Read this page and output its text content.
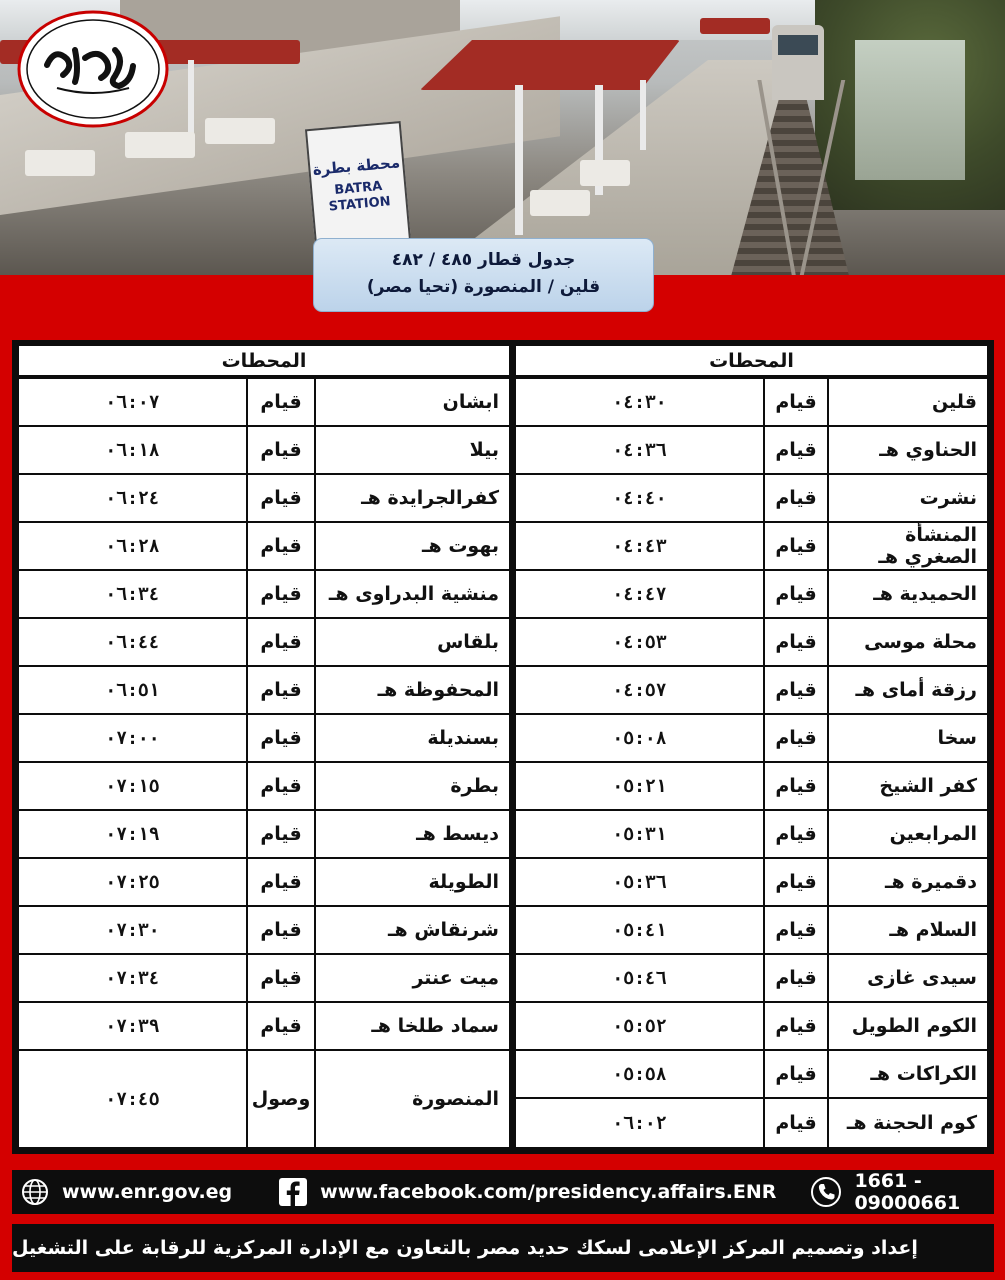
محطة بطرة
BATRA STATION
جدول قطار ٤٨٥ / ٤٨٢
قلين / المنصورة (تحيا مصر)
المحطات
قلين
قيام
٠٤:٣٠
الحناوي هـ
قيام
٠٤:٣٦
نشرت
قيام
٠٤:٤٠
المنشأة الصغري هـ
قيام
٠٤:٤٣
الحميدية هـ
قيام
٠٤:٤٧
محلة موسى
قيام
٠٤:٥٣
رزقة أماى هـ
قيام
٠٤:٥٧
سخا
قيام
٠٥:٠٨
كفر الشيخ
قيام
٠٥:٢١
المرابعين
قيام
٠٥:٣١
دقميرة هـ
قيام
٠٥:٣٦
السلام هـ
قيام
٠٥:٤١
سيدى غازى
قيام
٠٥:٤٦
الكوم الطويل
قيام
٠٥:٥٢
الكراكات هـ
قيام
٠٥:٥٨
كوم الحجنة هـ
قيام
٠٦:٠٢
المحطات
ابشان
قيام
٠٦:٠٧
بيلا
قيام
٠٦:١٨
كفرالجرايدة هـ
قيام
٠٦:٢٤
بهوت هـ
قيام
٠٦:٢٨
منشية البدراوى هـ
قيام
٠٦:٣٤
بلقاس
قيام
٠٦:٤٤
المحفوظة هـ
قيام
٠٦:٥١
بسنديلة
قيام
٠٧:٠٠
بطرة
قيام
٠٧:١٥
ديسط هـ
قيام
٠٧:١٩
الطويلة
قيام
٠٧:٢٥
شرنقاش هـ
قيام
٠٧:٣٠
ميت عنتر
قيام
٠٧:٣٤
سماد طلخا هـ
قيام
٠٧:٣٩
المنصورة
وصول
٠٧:٤٥
www.enr.gov.eg	www.facebook.com/presidency.affairs.ENR	1661 - 09000661
إعداد وتصميم المركز الإعلامى لسكك حديد مصر بالتعاون مع الإدارة المركزية للرقابة على التشغيل
